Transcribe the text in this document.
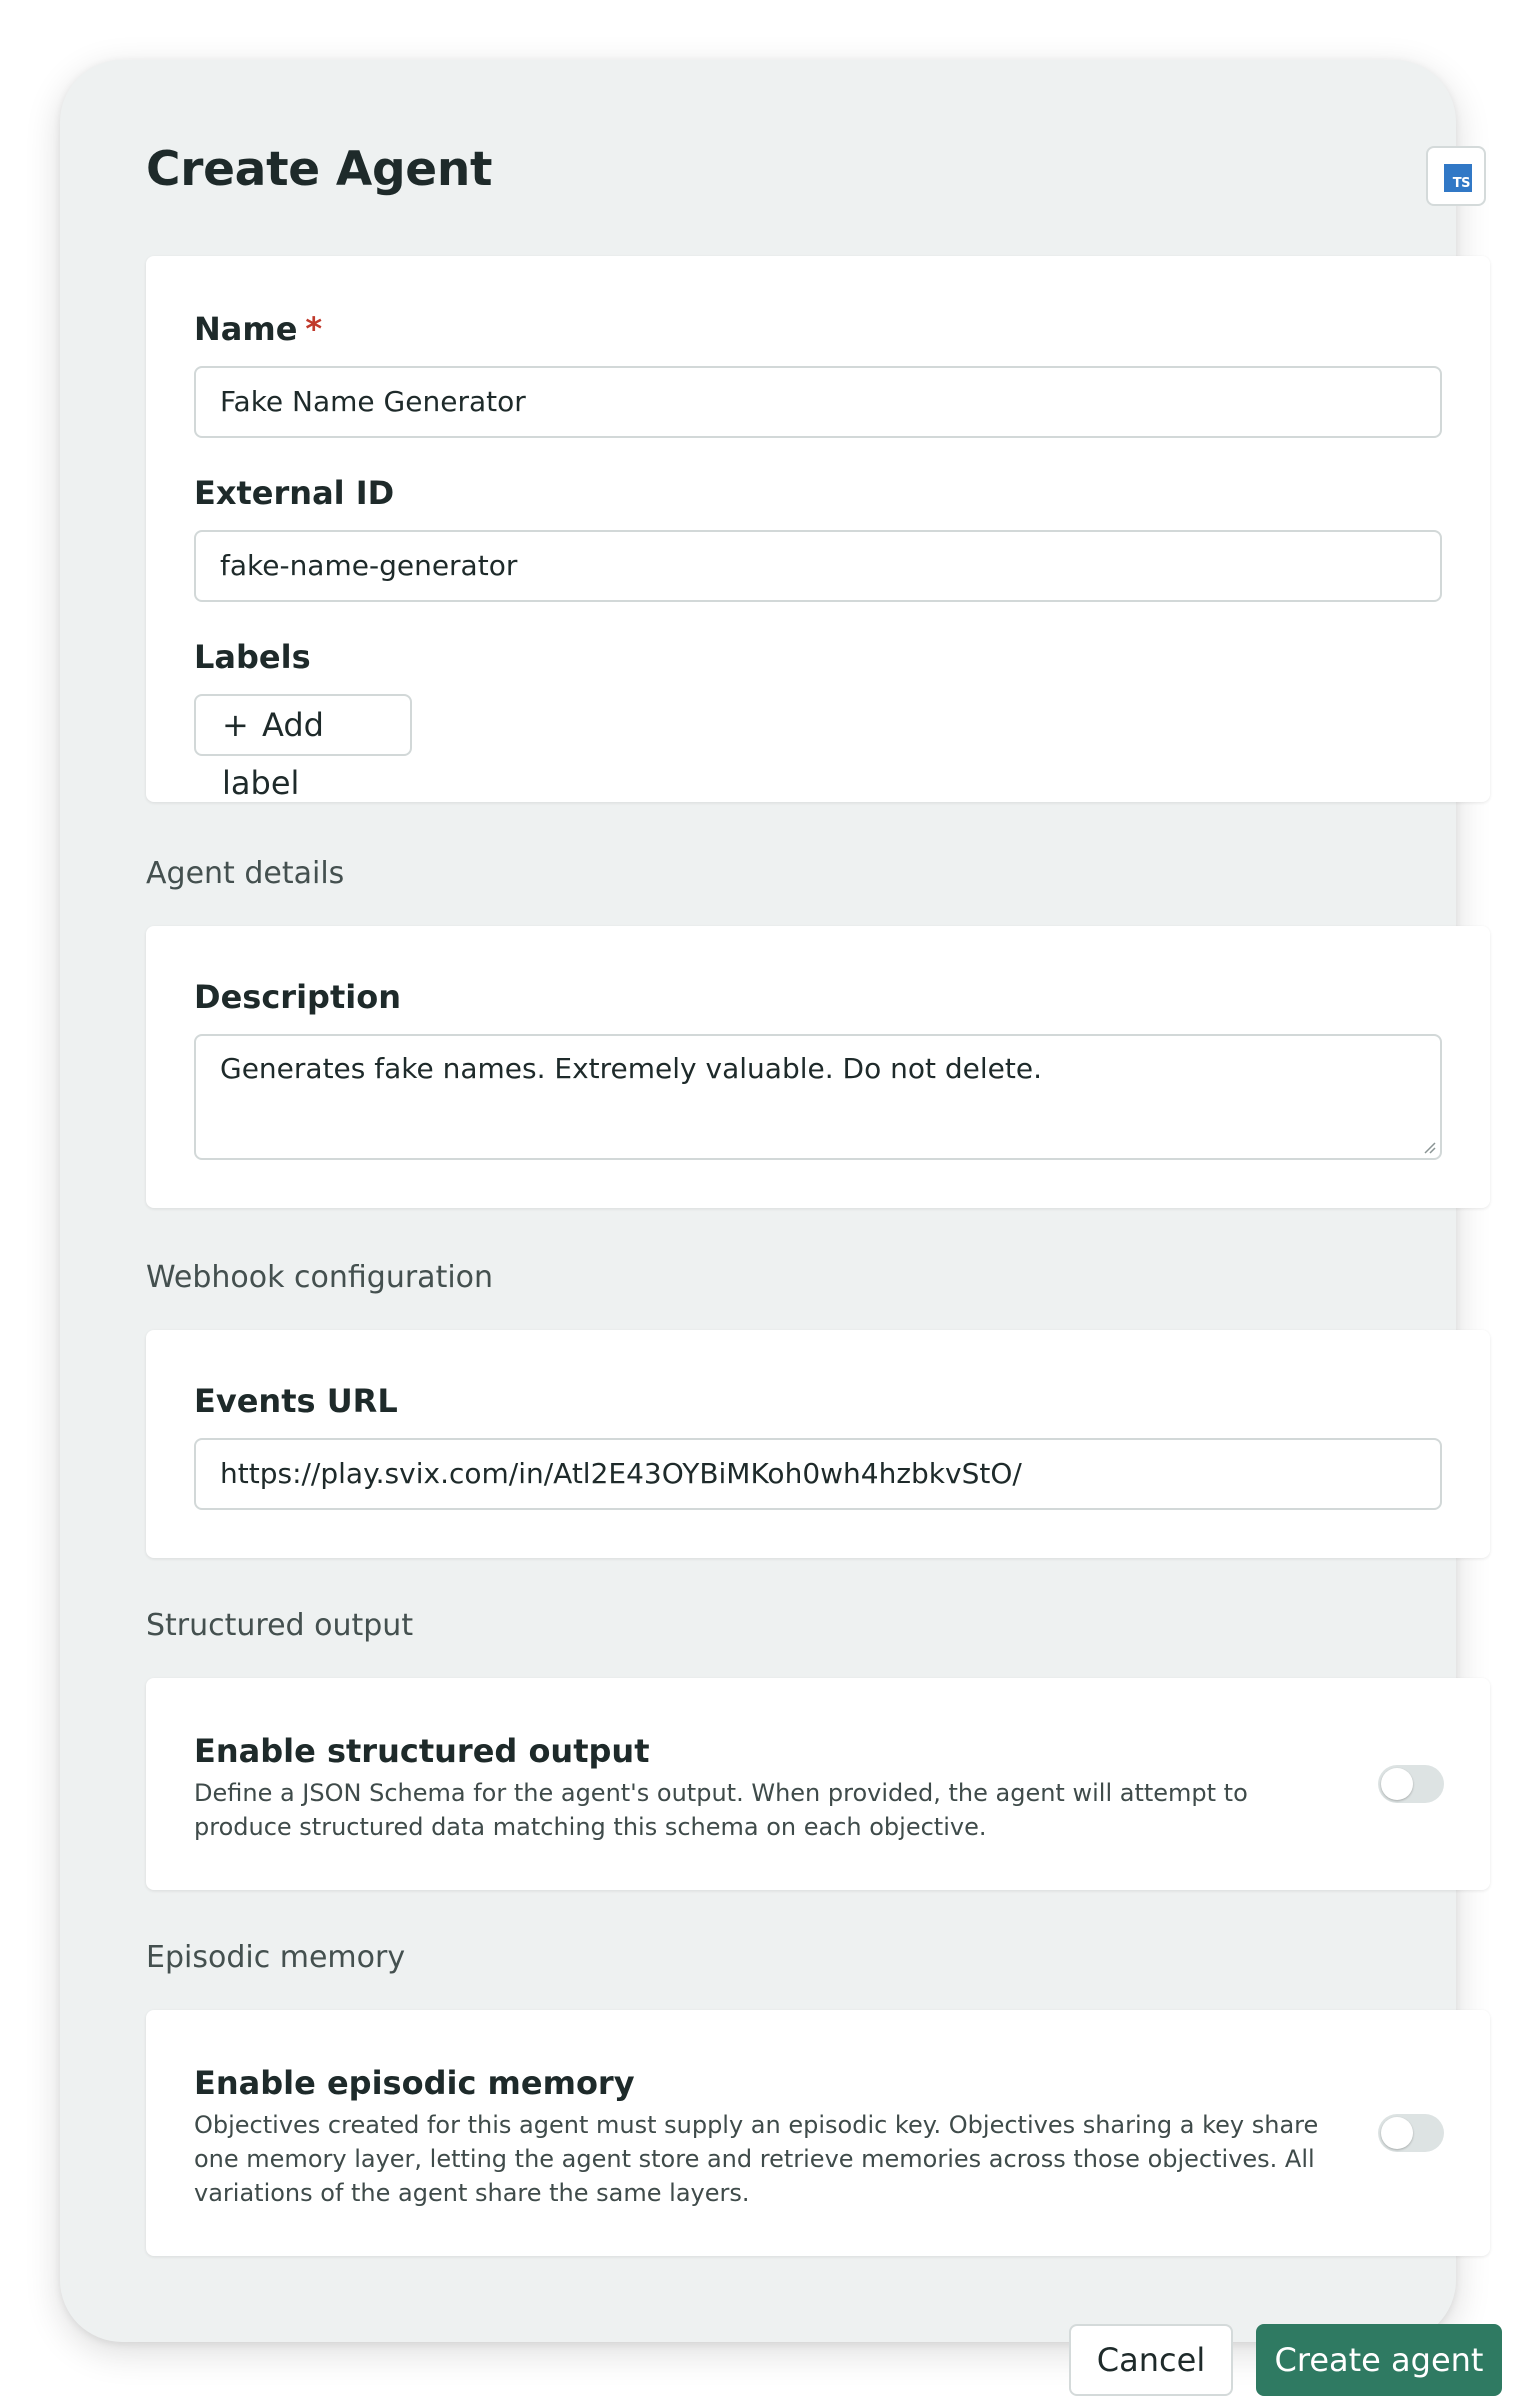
Create Agent	TS
Name *
Fake Name Generator
External ID
fake-name-generator
Labels
+ Add label
Agent details
Description
Generates fake names. Extremely valuable. Do not delete.
Webhook configuration
Events URL
https://play.svix.com/in/Atl2E43OYBiMKoh0wh4hzbkvStO/
Structured output
Enable structured output
Define a JSON Schema for the agent's output. When provided, the agent will attempt to produce structured data matching this schema on each objective.
Episodic memory
Enable episodic memory
Objectives created for this agent must supply an episodic key. Objectives sharing a key share one memory layer, letting the agent store and retrieve memories across those objectives. All variations of the agent share the same layers.
Cancel	Create agent
